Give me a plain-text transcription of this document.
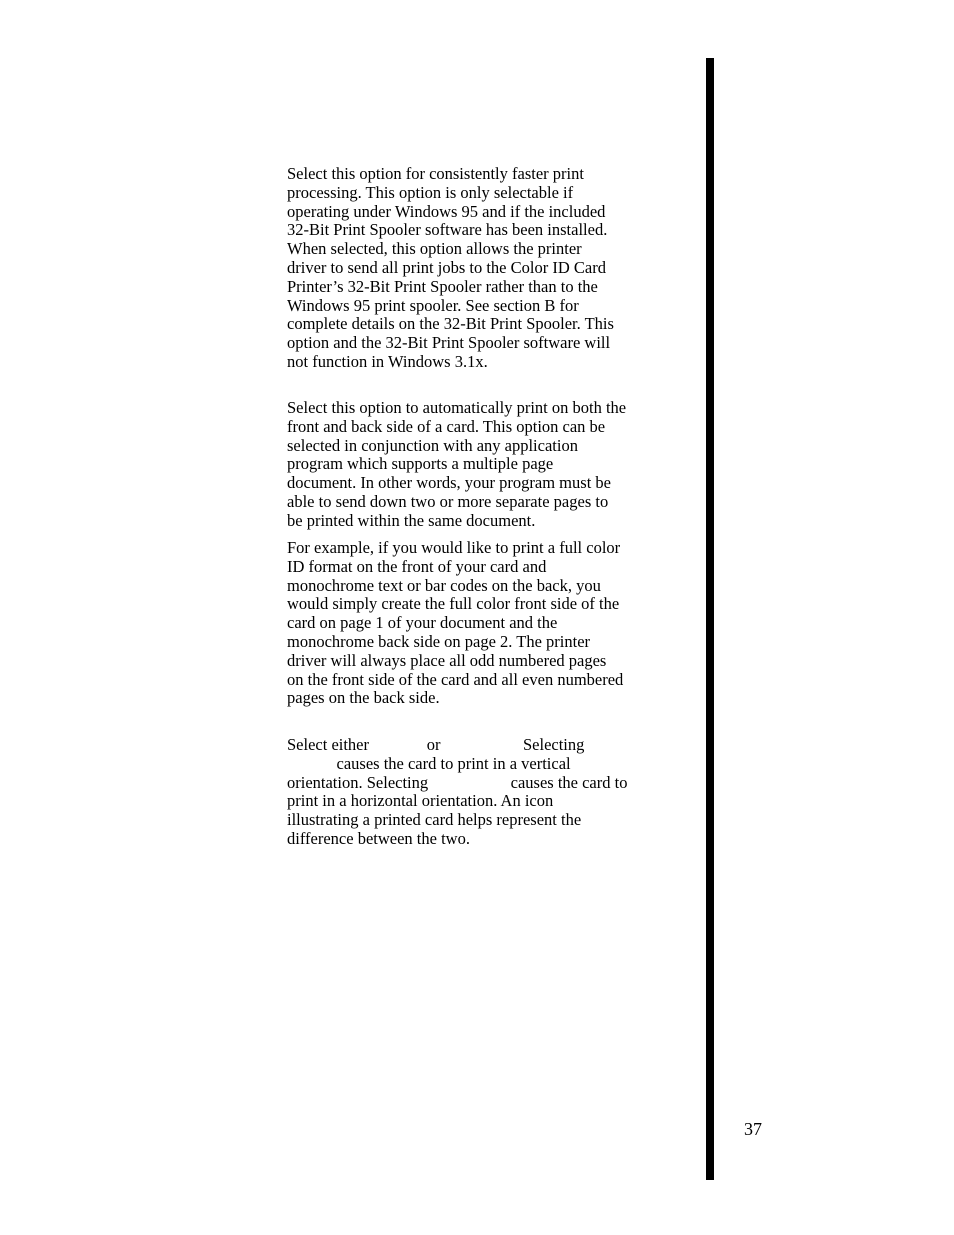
Select this option for consistently faster print
processing. This option is only selectable if
operating under Windows 95 and if the included
32-Bit Print Spooler software has been installed.
When selected, this option allows the printer
driver to send all print jobs to the Color ID Card
Printer’s 32-Bit Print Spooler rather than to the
Windows 95 print spooler. See section B for
complete details on the 32-Bit Print Spooler. This
option and the 32-Bit Print Spooler software will
not function in Windows 3.1x.
Select this option to automatically print on both the
front and back side of a card. This option can be
selected in conjunction with any application
program which supports a multiple page
document. In other words, your program must be
able to send down two or more separate pages to
be printed within the same document.
For example, if you would like to print a full color
ID format on the front of your card and
monochrome text or bar codes on the back, you
would simply create the full color front side of the
card on page 1 of your document and the
monochrome back side on page 2. The printer
driver will always place all odd numbered pages
on the front side of the card and all even numbered
pages on the back side.
Select either              or                    Selecting
causes the card to print in a vertical
orientation. Selecting                    causes the card to
print in a horizontal orientation. An icon
illustrating a printed card helps represent the
difference between the two.
37
